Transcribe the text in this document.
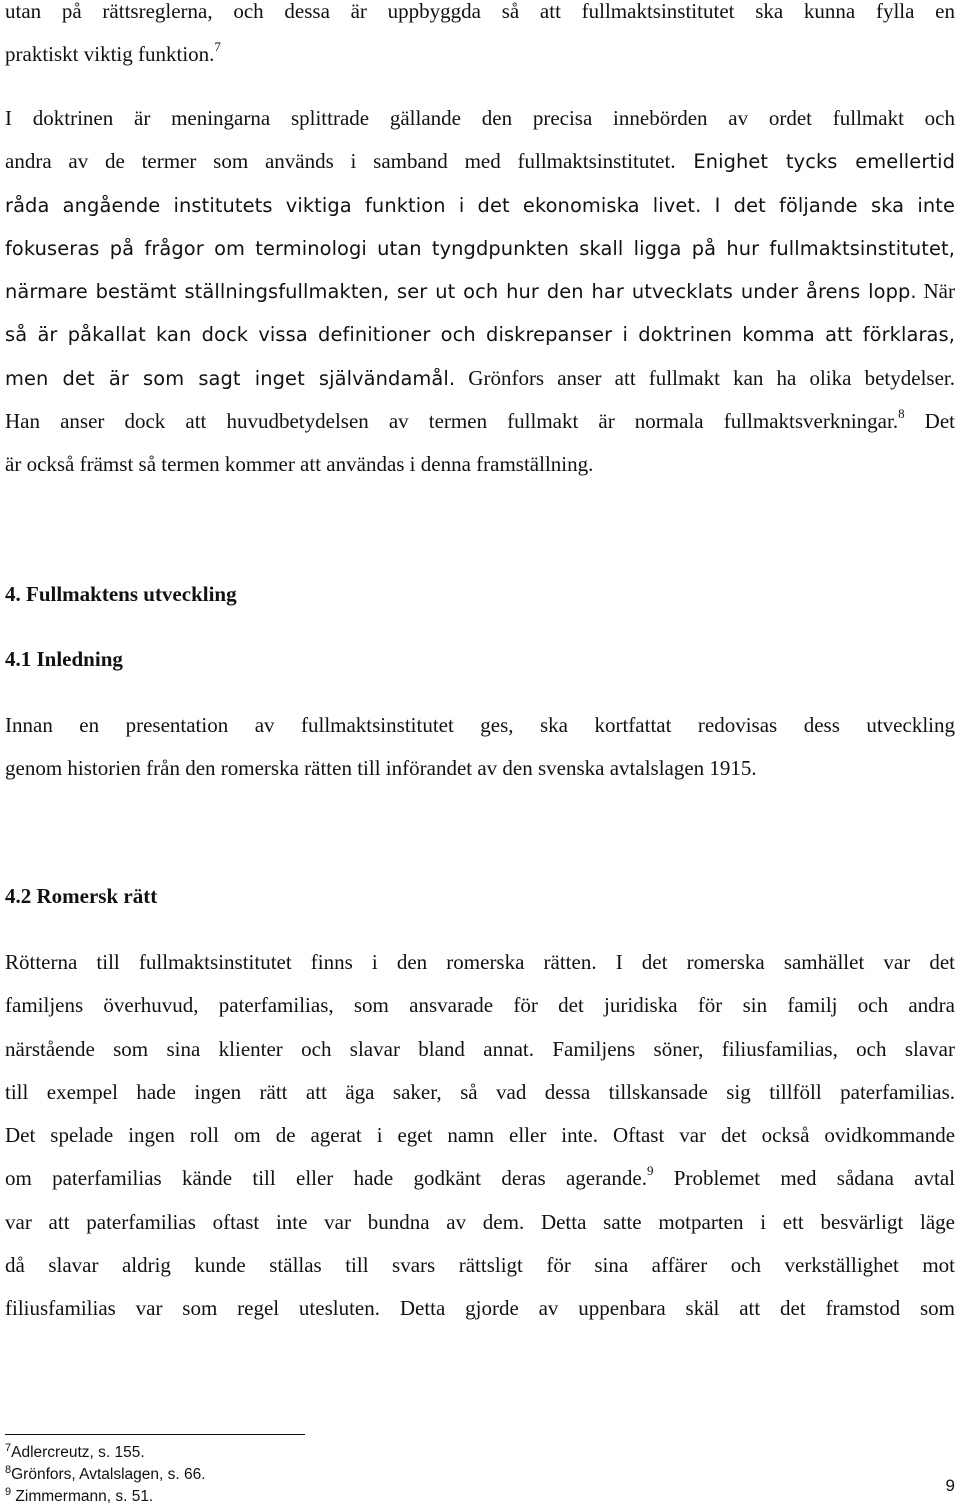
utan på rättsreglerna, och dessa är uppbyggda så att fullmaktsinstitutet ska kunna fylla en
praktiskt viktig funktion.$^7$
I doktrinen är meningarna splittrade gällande den precisa innebörden av ordet fullmakt och
andra av de termer som används i samband med fullmaktsinstitutet. Enighet tycks emellertid
råda angående institutets viktiga funktion i det ekonomiska livet. I det följande ska inte
fokuseras på frågor om terminologi utan tyngdpunkten skall ligga på hur fullmaktsinstitutet,
närmare bestämt ställningsfullmakten, ser ut och hur den har utvecklats under årens lopp. När
så är påkallat kan dock vissa definitioner och diskrepanser i doktrinen komma att förklaras,
men det är som sagt inget självändamål. Grönfors anser att fullmakt kan ha olika betydelser.
Han anser dock att huvudbetydelsen av termen fullmakt är normala fullmaktsverkningar.$^8$ Det
är också främst så termen kommer att användas i denna framställning.
4. Fullmaktens utveckling
4.1 Inledning
Innan en presentation av fullmaktsinstitutet ges, ska kortfattat redovisas dess utveckling
genom historien från den romerska rätten till införandet av den svenska avtalslagen 1915.
4.2 Romersk rätt
Rötterna till fullmaktsinstitutet finns i den romerska rätten. I det romerska samhället var det
familjens överhuvud, paterfamilias, som ansvarade för det juridiska för sin familj och andra
närstående som sina klienter och slavar bland annat. Familjens söner, filiusfamilias, och slavar
till exempel hade ingen rätt att äga saker, så vad dessa tillskansade sig tillföll paterfamilias.
Det spelade ingen roll om de agerat i eget namn eller inte. Oftast var det också ovidkommande
om paterfamilias kände till eller hade godkänt deras agerande.$^9$ Problemet med sådana avtal
var att paterfamilias oftast inte var bundna av dem. Detta satte motparten i ett besvärligt läge
då slavar aldrig kunde ställas till svars rättsligt för sina affärer och verkställighet mot
filiusfamilias var som regel utesluten. Detta gjorde av uppenbara skäl att det framstod som
$^7$Adlercreutz, s. 155.
$^8$Grönfors, Avtalslagen, s. 66.
$^9$ Zimmermann, s. 51.
9
